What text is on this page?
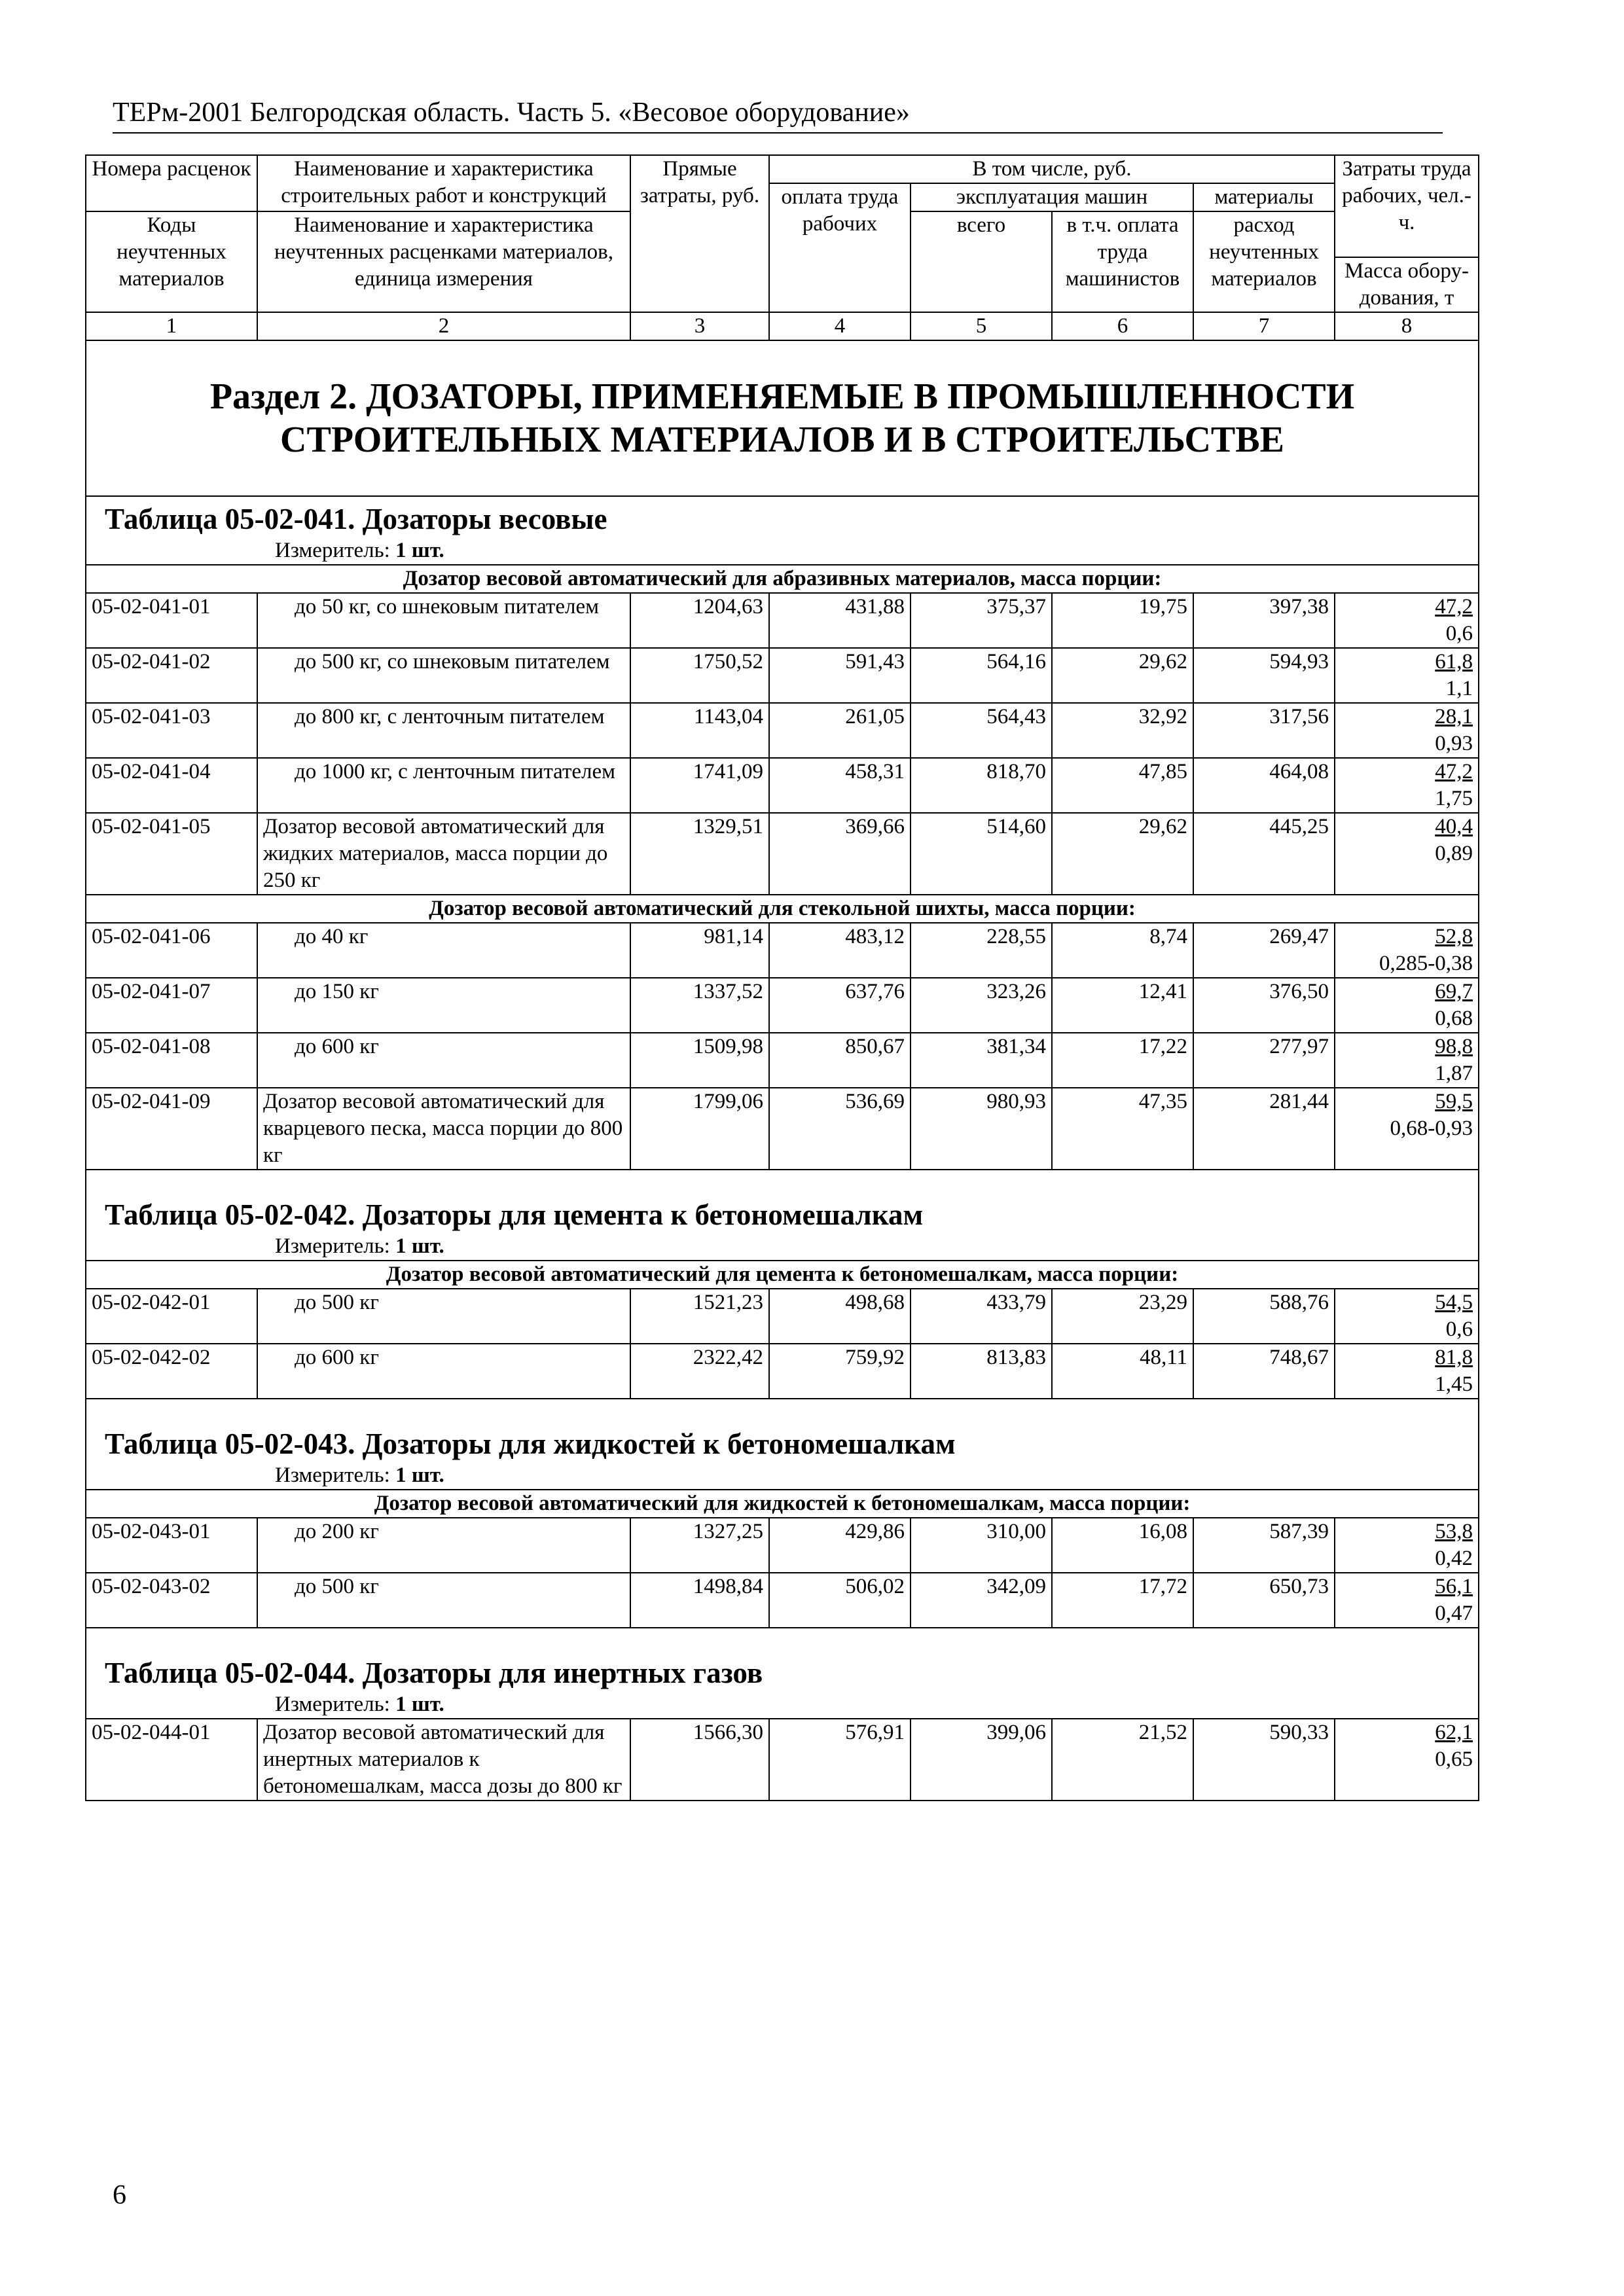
ТЕРм-2001 Белгородская область. Часть 5. «Весовое оборудование»
Номера расценок	Наименование и характеристика строительных работ и конструкций	Прямые затраты, руб.	В том числе, руб.				Затраты труда рабочих, чел.-ч.
			оплата труда рабочих	эксплуатация машин		материалы	
Коды неучтенных материалов	Наименование и характеристика неучтенных расценками материалов, единица измерения			всего	в т.ч. оплата труда машинистов	расход неучтенных материалов	
							Масса обору-дования, т
1	2	3	4	5	6	7	8

Раздел 2. ДОЗАТОРЫ, ПРИМЕНЯЕМЫЕ В ПРОМЫШЛЕННОСТИ СТРОИТЕЛЬНЫХ МАТЕРИАЛОВ И В СТРОИТЕЛЬСТВЕ							

Таблица 05-02-041. Дозаторы весовые
Измеритель: 1 шт.							

Дозатор весовой автоматический для абразивных материалов, масса порции:							
05-02-041-01	до 50 кг, со шнековым питателем	1204,63	431,88	375,37	19,75	397,38	47,2
0,6

05-02-041-02	до 500 кг, со шнековым питателем	1750,52	591,43	564,16	29,62	594,93	61,8
1,1

05-02-041-03	до 800 кг, с ленточным питателем	1143,04	261,05	564,43	32,92	317,56	28,1
0,93

05-02-041-04	до 1000 кг, с ленточным питателем	1741,09	458,31	818,70	47,85	464,08	47,2
1,75

05-02-041-05	Дозатор весовой автоматический для жидких материалов, масса порции до 250 кг	1329,51	369,66	514,60	29,62	445,25	40,4
0,89

Дозатор весовой автоматический для стекольной шихты, масса порции:							
05-02-041-06	до 40 кг	981,14	483,12	228,55	8,74	269,47	52,8
0,285-0,38

05-02-041-07	до 150 кг	1337,52	637,76	323,26	12,41	376,50	69,7
0,68

05-02-041-08	до 600 кг	1509,98	850,67	381,34	17,22	277,97	98,8
1,87

05-02-041-09	Дозатор весовой автоматический для кварцевого песка, масса порции до 800 кг	1799,06	536,69	980,93	47,35	281,44	59,5
0,68-0,93

Таблица 05-02-042. Дозаторы для цемента к бетономешалкам
Измеритель: 1 шт.							

Дозатор весовой автоматический для цемента к бетономешалкам, масса порции:							
05-02-042-01	до 500 кг	1521,23	498,68	433,79	23,29	588,76	54,5
0,6

05-02-042-02	до 600 кг	2322,42	759,92	813,83	48,11	748,67	81,8
1,45

Таблица 05-02-043. Дозаторы для жидкостей к бетономешалкам
Измеритель: 1 шт.							

Дозатор весовой автоматический для жидкостей к бетономешалкам, масса порции:							
05-02-043-01	до 200 кг	1327,25	429,86	310,00	16,08	587,39	53,8
0,42

05-02-043-02	до 500 кг	1498,84	506,02	342,09	17,72	650,73	56,1
0,47

Таблица 05-02-044. Дозаторы для инертных газов
Измеритель: 1 шт.							

05-02-044-01	Дозатор весовой автоматический для инертных материалов к бетономешалкам, масса дозы до 800 кг	1566,30	576,91	399,06	21,52	590,33	62,1
0,65
6
